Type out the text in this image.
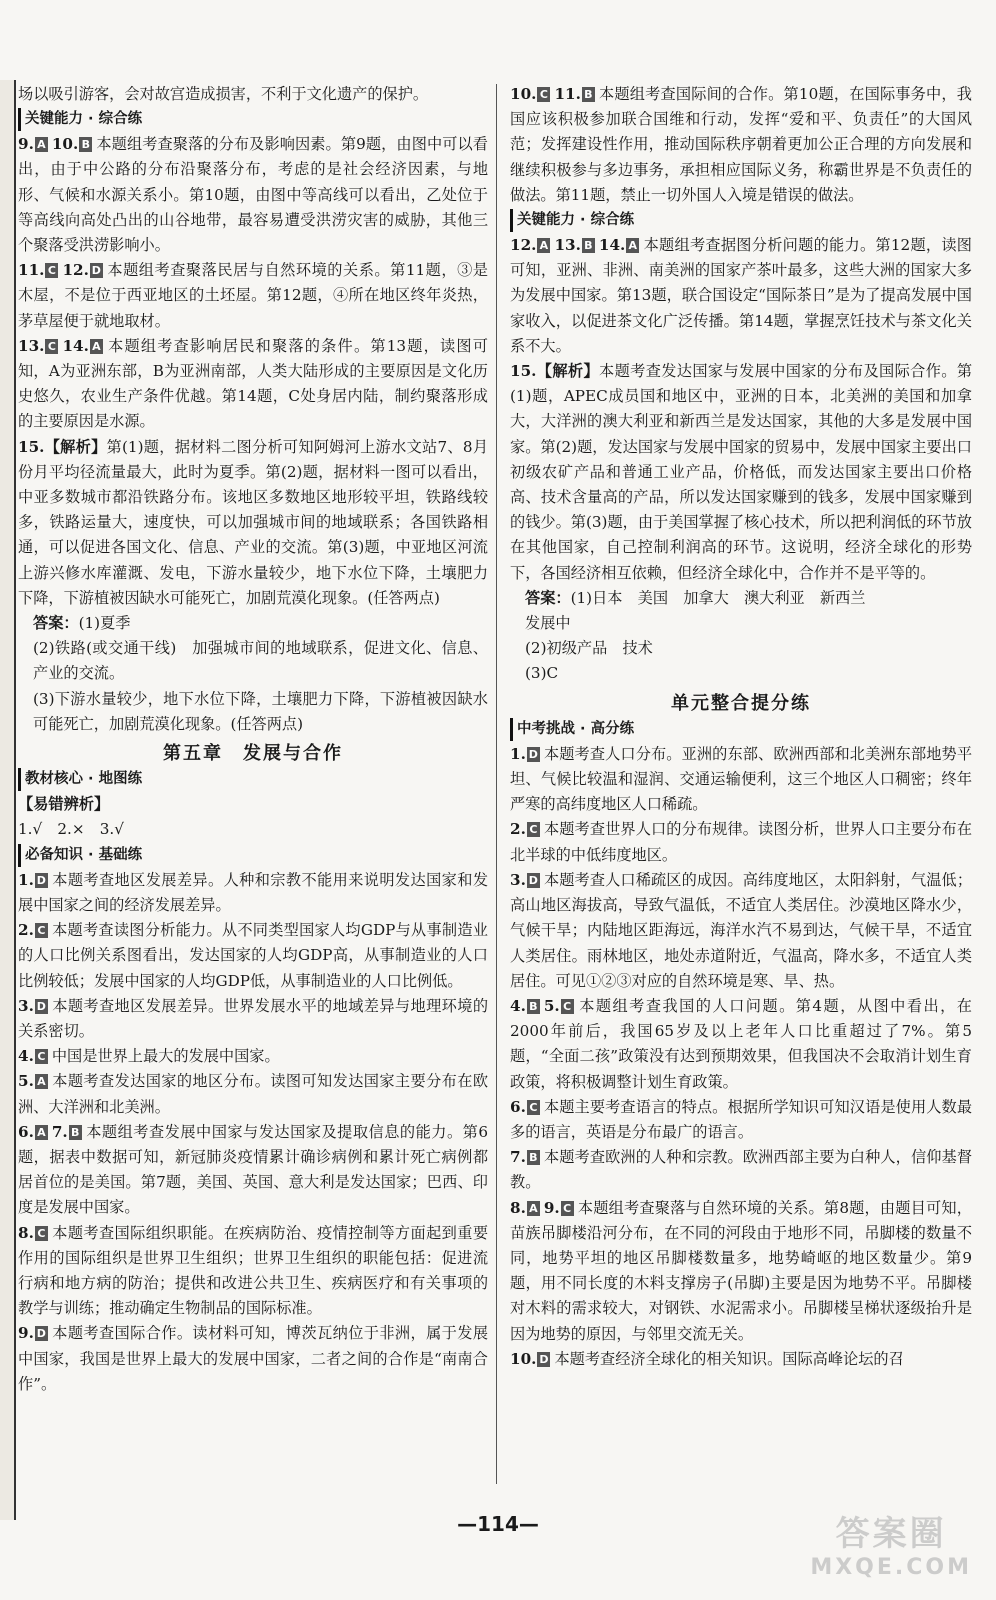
场以吸引游客，会对故宫造成损害，不利于文化遗产的保护。

关键能力 · 综合练

9. A 10. B 本题组考查聚落的分布及影响因素。第9题，由图中可以看出，由于中公路的分布沿聚落分布，考虑的是社会经济因素，与地形、气候和水源关系小。第10题，由图中等高线可以看出，乙处位于等高线向高处凸出的山谷地带，最容易遭受洪涝灾害的威胁，其他三个聚落受洪涝影响小。

11. C 12. D 本题组考查聚落民居与自然环境的关系。第11题，③是木屋，不是位于西亚地区的土坯屋。第12题，④所在地区终年炎热，茅草屋便于就地取材。

13. C 14. A 本题组考查影响居民和聚落的条件。第13题，读图可知，A为亚洲东部，B为亚洲南部，人类大陆形成的主要原因是文化历史悠久，农业生产条件优越。第14题，C处身居内陆，制约聚落形成的主要原因是水源。

15.【解析】第(1)题，据材料二图分析可知阿姆河上游水文站7、8月份月平均径流量最大，此时为夏季。第(2)题，据材料一图可以看出，中亚多数城市都沿铁路分布。该地区多数地区地形较平坦，铁路线较多，铁路运量大，速度快，可以加强城市间的地域联系；各国铁路相通，可以促进各国文化、信息、产业的交流。第(3)题，中亚地区河流上游兴修水库灌溉、发电，下游水量较少，地下水位下降，土壤肥力下降，下游植被因缺水可能死亡，加剧荒漠化现象。(任答两点)

答案：(1)夏季

(2)铁路(或交通干线)　加强城市间的地域联系，促进文化、信息、产业的交流。

(3)下游水量较少，地下水位下降，土壤肥力下降，下游植被因缺水可能死亡，加剧荒漠化现象。(任答两点)

第五章　发展与合作
教材核心 · 地图练
【易错辨析】

1.√　2.×　3.√

必备知识 · 基础练

1. D 本题考查地区发展差异。人种和宗教不能用来说明发达国家和发展中国家之间的经济发展差异。

2. C 本题考查读图分析能力。从不同类型国家人均GDP与从事制造业的人口比例关系图看出，发达国家的人均GDP高，从事制造业的人口比例较低；发展中国家的人均GDP低，从事制造业的人口比例低。

3. D 本题考查地区发展差异。世界发展水平的地域差异与地理环境的关系密切。

4. C 中国是世界上最大的发展中国家。

5. A 本题考查发达国家的地区分布。读图可知发达国家主要分布在欧洲、大洋洲和北美洲。

6. A 7. B 本题组考查发展中国家与发达国家及提取信息的能力。第6题，据表中数据可知，新冠肺炎疫情累计确诊病例和累计死亡病例都居首位的是美国。第7题，美国、英国、意大利是发达国家；巴西、印度是发展中国家。

8. C 本题考查国际组织职能。在疾病防治、疫情控制等方面起到重要作用的国际组织是世界卫生组织；世界卫生组织的职能包括：促进流行病和地方病的防治；提供和改进公共卫生、疾病医疗和有关事项的教学与训练；推动确定生物制品的国际标准。

9. D 本题考查国际合作。读材料可知，博茨瓦纳位于非洲，属于发展中国家，我国是世界上最大的发展中国家，二者之间的合作是“南南合作”。

10. C 11. B 本题组考查国际间的合作。第10题，在国际事务中，我国应该积极参加联合国维和行动，发挥“爱和平、负责任”的大国风范；发挥建设性作用，推动国际秩序朝着更加公正合理的方向发展和继续积极参与多边事务，承担相应国际义务，称霸世界是不负责任的做法。第11题，禁止一切外国人入境是错误的做法。

关键能力 · 综合练

12. A 13. B 14. A 本题组考查据图分析问题的能力。第12题，读图可知，亚洲、非洲、南美洲的国家产茶叶最多，这些大洲的国家大多为发展中国家。第13题，联合国设定“国际茶日”是为了提高发展中国家收入，以促进茶文化广泛传播。第14题，掌握烹饪技术与茶文化关系不大。

15.【解析】本题考查发达国家与发展中国家的分布及国际合作。第(1)题，APEC成员国和地区中，亚洲的日本，北美洲的美国和加拿大，大洋洲的澳大利亚和新西兰是发达国家，其他的大多是发展中国家。第(2)题，发达国家与发展中国家的贸易中，发展中国家主要出口初级农矿产品和普通工业产品，价格低，而发达国家主要出口价格高、技术含量高的产品，所以发达国家赚到的钱多，发展中国家赚到的钱少。第(3)题，由于美国掌握了核心技术，所以把利润低的环节放在其他国家，自己控制利润高的环节。这说明，经济全球化的形势下，各国经济相互依赖，但经济全球化中，合作并不是平等的。

答案：(1)日本　美国　加拿大　澳大利亚　新西兰

发展中

(2)初级产品　技术

(3)C

单元整合提分练
中考挑战 · 高分练

1. D 本题考查人口分布。亚洲的东部、欧洲西部和北美洲东部地势平坦、气候比较温和湿润、交通运输便利，这三个地区人口稠密；终年严寒的高纬度地区人口稀疏。

2. C 本题考查世界人口的分布规律。读图分析，世界人口主要分布在北半球的中低纬度地区。

3. D 本题考查人口稀疏区的成因。高纬度地区，太阳斜射，气温低；高山地区海拔高，导致气温低，不适宜人类居住。沙漠地区降水少，气候干旱；内陆地区距海远，海洋水汽不易到达，气候干旱，不适宜人类居住。雨林地区，地处赤道附近，气温高，降水多，不适宜人类居住。可见①②③对应的自然环境是寒、旱、热。

4. B 5. C 本题组考查我国的人口问题。第4题，从图中看出，在2000年前后，我国65岁及以上老年人口比重超过了7%。第5题，“全面二孩”政策没有达到预期效果，但我国决不会取消计划生育政策，将积极调整计划生育政策。

6. C 本题主要考查语言的特点。根据所学知识可知汉语是使用人数最多的语言，英语是分布最广的语言。

7. B 本题考查欧洲的人种和宗教。欧洲西部主要为白种人，信仰基督教。

8. A 9. C 本题组考查聚落与自然环境的关系。第8题，由题目可知，苗族吊脚楼沿河分布，在不同的河段由于地形不同，吊脚楼的数量不同，地势平坦的地区吊脚楼数量多，地势崎岖的地区数量少。第9题，用不同长度的木料支撑房子(吊脚)主要是因为地势不平。吊脚楼对木料的需求较大，对钢铁、水泥需求小。吊脚楼呈梯状逐级抬升是因为地势的原因，与邻里交流无关。

10. D 本题考查经济全球化的相关知识。国际高峰论坛的召

—114—	答案圈
MXQE.COM
